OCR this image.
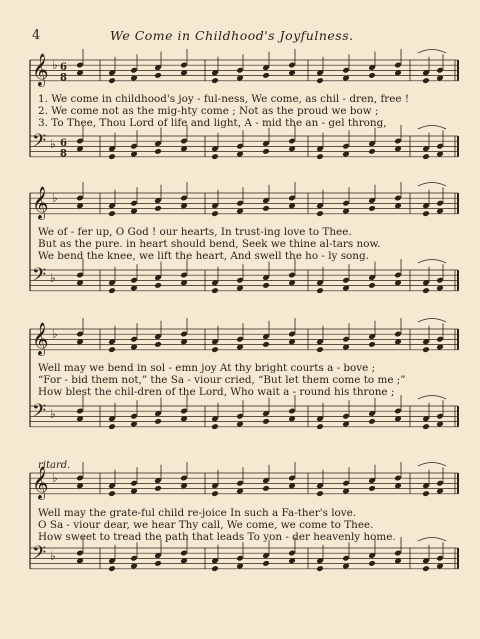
4	We Come in Childhood's Joyfulness.
𝄞 ♭ 6
8
𝄢 ♭ 6
8
𝄞 ♭
𝄢 ♭
𝄞 ♭
𝄢 ♭
𝄞 ♭
𝄢 ♭
ritard.
1. We come in childhood's joy - ful-ness, We come, as chil - dren, free !
2. We come not as the mig-hty come ; Not as the proud we bow ;
3. To Thee, Thou Lord of life and light, A - mid the an - gel throng,
We of - fer up, O God ! our hearts, In trust-ing love to Thee.
But as the pure. in heart should bend, Seek we thine al-tars now.
We bend the knee, we lift the heart, And swell the ho - ly song.
Well may we bend in sol - emn joy At thy bright courts a - bove ;
“For - bid them not,” the Sa - viour cried, “But let them come to me ;”
How blest the chil-dren of the Lord, Who wait a - round his throne ;
Well may the grate-ful child re-joice In such a Fa-ther's love.
O Sa - viour dear, we hear Thy call, We come, we come to Thee.
How sweet to tread the path that leads To yon - der heavenly home.
